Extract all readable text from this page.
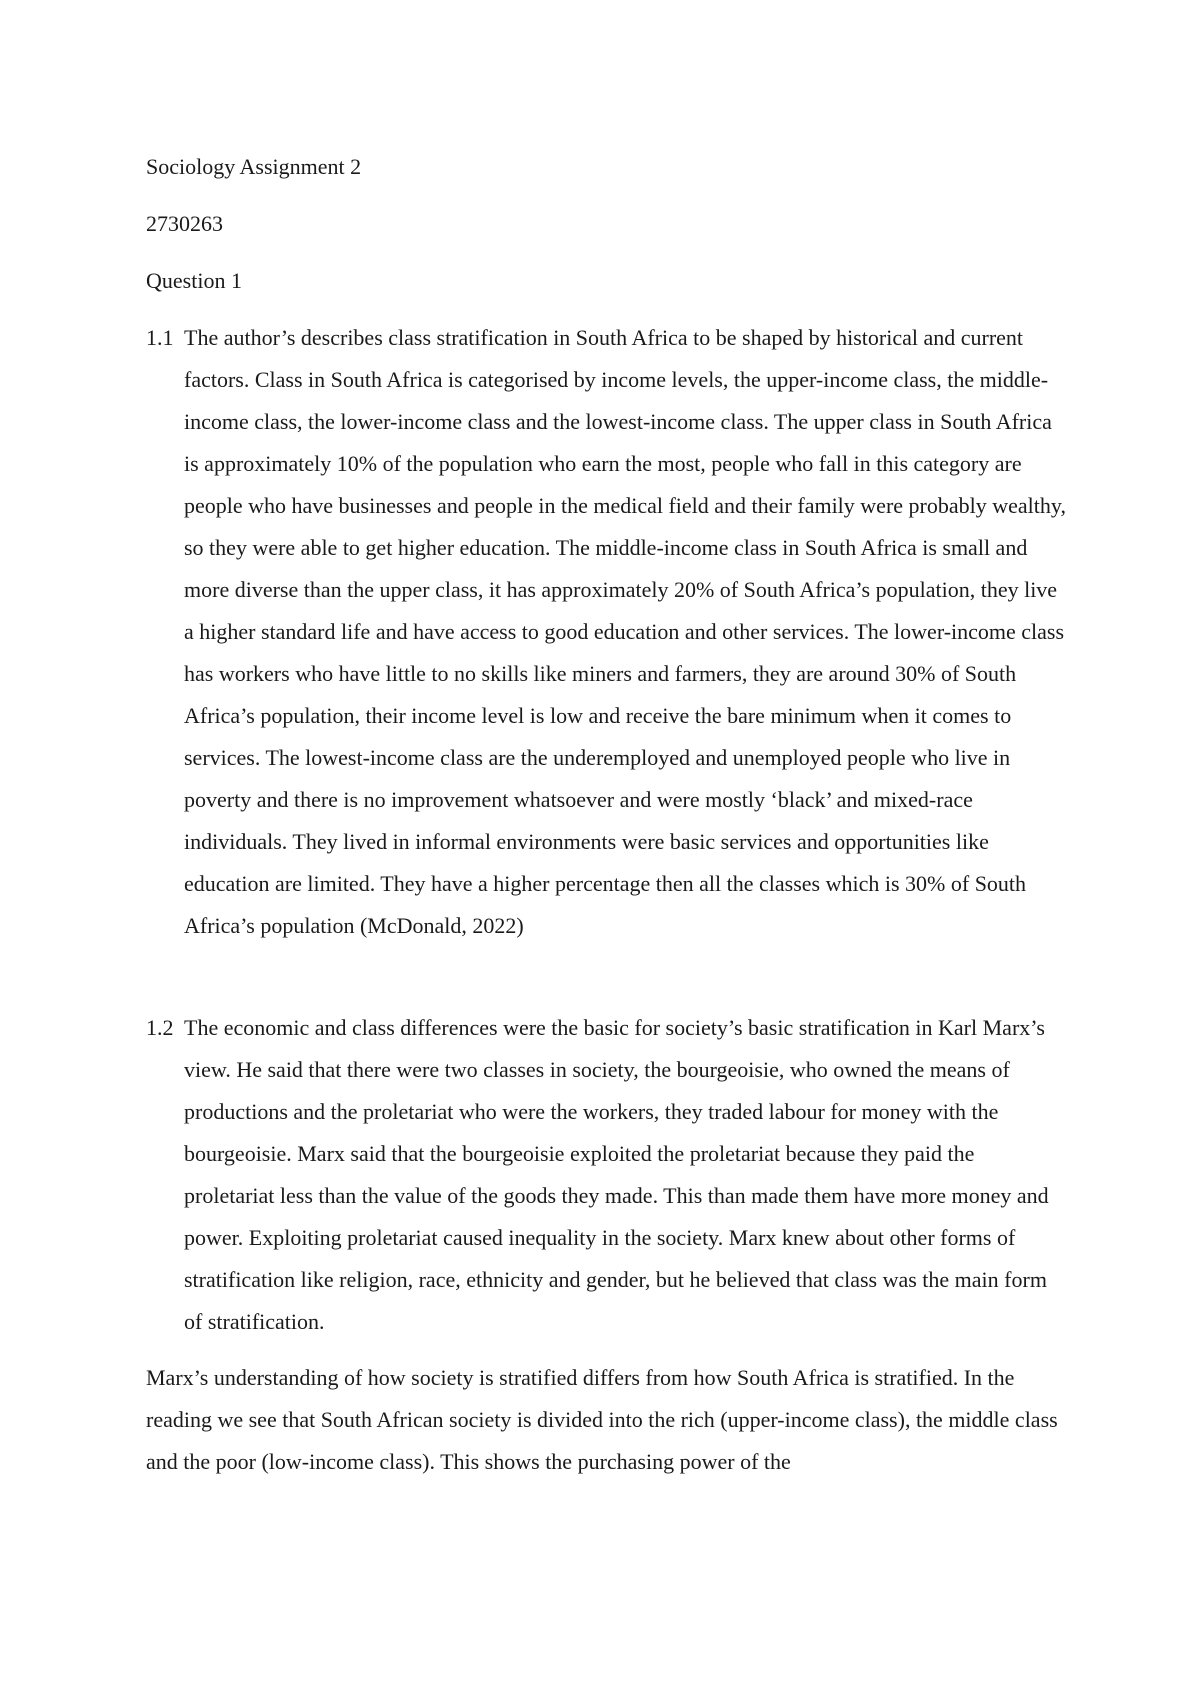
Sociology Assignment 2

2730263

Question 1

1.1 The author’s describes class stratification in South Africa to be shaped by historical and current factors. Class in South Africa is categorised by income levels, the upper-income class, the middle-income class, the lower-income class and the lowest-income class. The upper class in South Africa is approximately 10% of the population who earn the most, people who fall in this category are people who have businesses and people in the medical field and their family were probably wealthy, so they were able to get higher education. The middle-income class in South Africa is small and more diverse than the upper class, it has approximately 20% of South Africa’s population, they live a higher standard life and have access to good education and other services. The lower-income class has workers who have little to no skills like miners and farmers, they are around 30% of South Africa’s population, their income level is low and receive the bare minimum when it comes to services. The lowest-income class are the underemployed and unemployed people who live in poverty and there is no improvement whatsoever and were mostly ‘black’ and mixed-race individuals. They lived in informal environments were basic services and opportunities like education are limited. They have a higher percentage then all the classes which is 30% of South Africa’s population (McDonald, 2022)
1.2 The economic and class differences were the basic for society’s basic stratification in Karl Marx’s view. He said that there were two classes in society, the bourgeoisie, who owned the means of productions and the proletariat who were the workers, they traded labour for money with the bourgeoisie. Marx said that the bourgeoisie exploited the proletariat because they paid the proletariat less than the value of the goods they made. This than made them have more money and power. Exploiting proletariat caused inequality in the society. Marx knew about other forms of stratification like religion, race, ethnicity and gender, but he believed that class was the main form of stratification.

Marx’s understanding of how society is stratified differs from how South Africa is stratified. In the reading we see that South African society is divided into the rich (upper-income class), the middle class and the poor (low-income class). This shows the purchasing power of the
